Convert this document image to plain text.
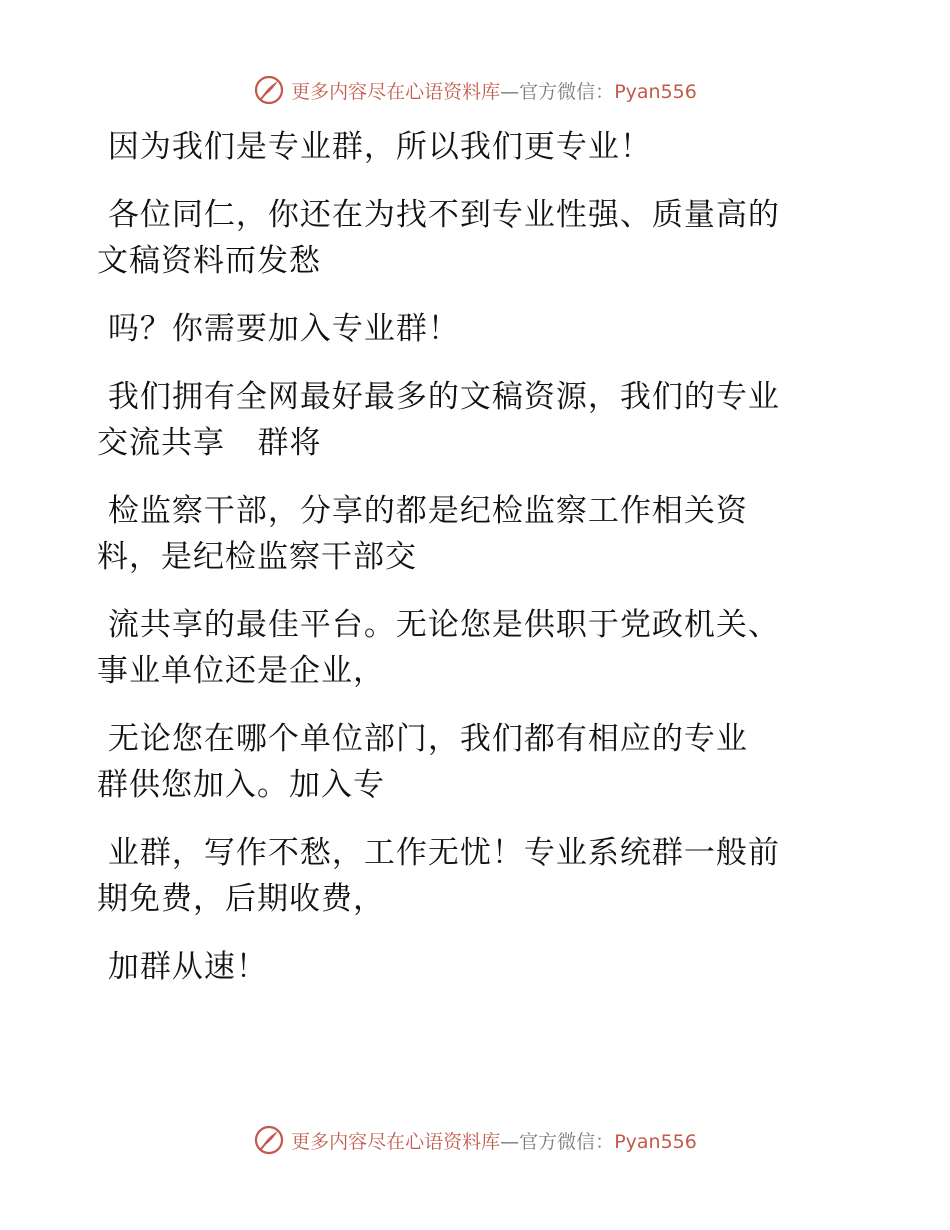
更多内容尽在心语资料库—官方微信：Pyan556
因为我们是专业群，所以我们更专业！
各位同仁，你还在为找不到专业性强、质量高的
文稿资料而发愁
吗？你需要加入专业群！
我们拥有全网最好最多的文稿资源，我们的专业
交流共享   群将
检监察干部，分享的都是纪检监察工作相关资
料，是纪检监察干部交
流共享的最佳平台。无论您是供职于党政机关、
事业单位还是企业，
无论您在哪个单位部门，我们都有相应的专业
群供您加入。加入专
业群，写作不愁，工作无忧！专业系统群一般前
期免费，后期收费，
加群从速！
更多内容尽在心语资料库—官方微信：Pyan556
